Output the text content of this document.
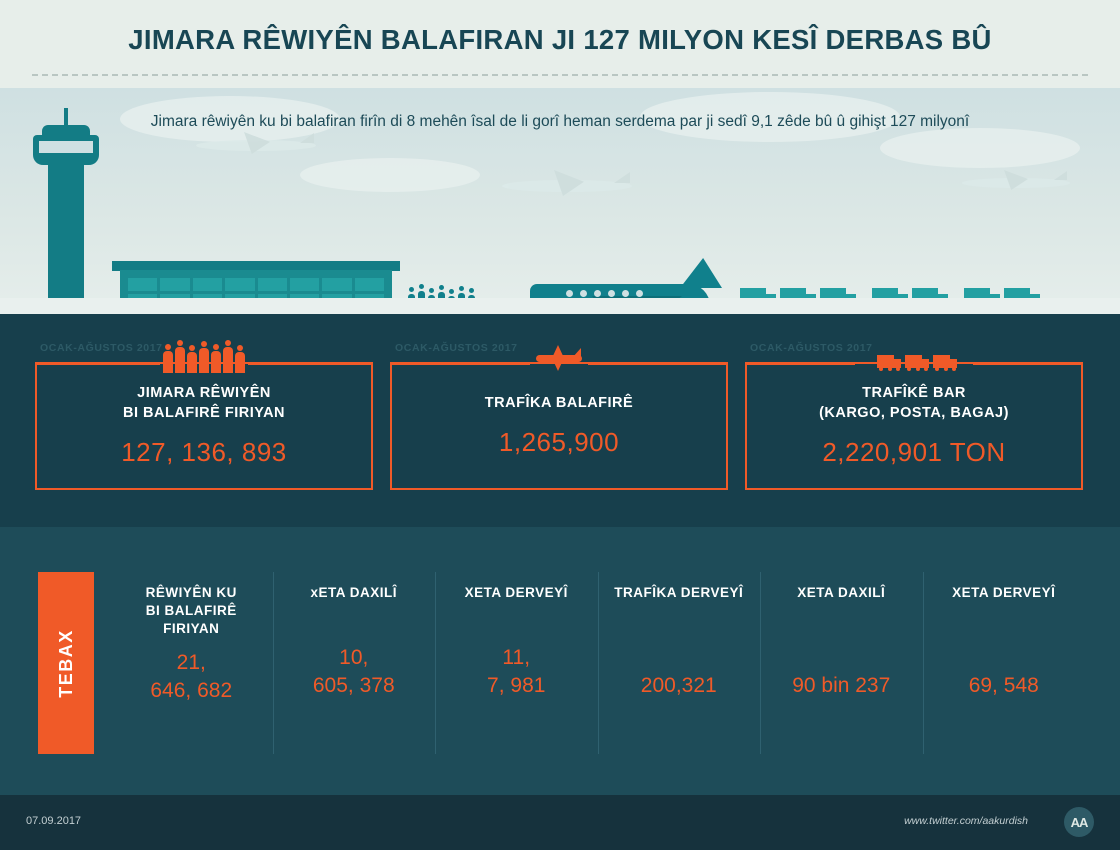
JIMARA RÊWIYÊN BALAFIRAN JI 127 MILYON KESÎ DERBAS BÛ
Jimara rêwiyên ku bi balafiran firîn di 8 mehên îsal de li gorî heman serdema par ji sedî 9,1 zêde bû û gihişt 127 milyonî
OCAK-AĞUSTOS 2017
JIMARA RÊWIYÊN
BI BALAFIRÊ FIRIYAN
127, 136, 893
OCAK-AĞUSTOS 2017
TRAFÎKA BALAFIRÊ
1,265,900
OCAK-AĞUSTOS 2017
TRAFÎKÊ BAR
(KARGO, POSTA, BAGAJ)
2,220,901 TON
TEBAX
RÊWIYÊN KU
BI BALAFIRÊ
FIRIYAN
21,
646, 682
xETA DAXILÎ
10,
605, 378
XETA DERVEYÎ
11,
7, 981
TRAFÎKA DERVEYÎ
200,321
XETA DAXILÎ
90 bin 237
XETA DERVEYÎ
69, 548
07.09.2017	www.twitter.com/aakurdish	AA
